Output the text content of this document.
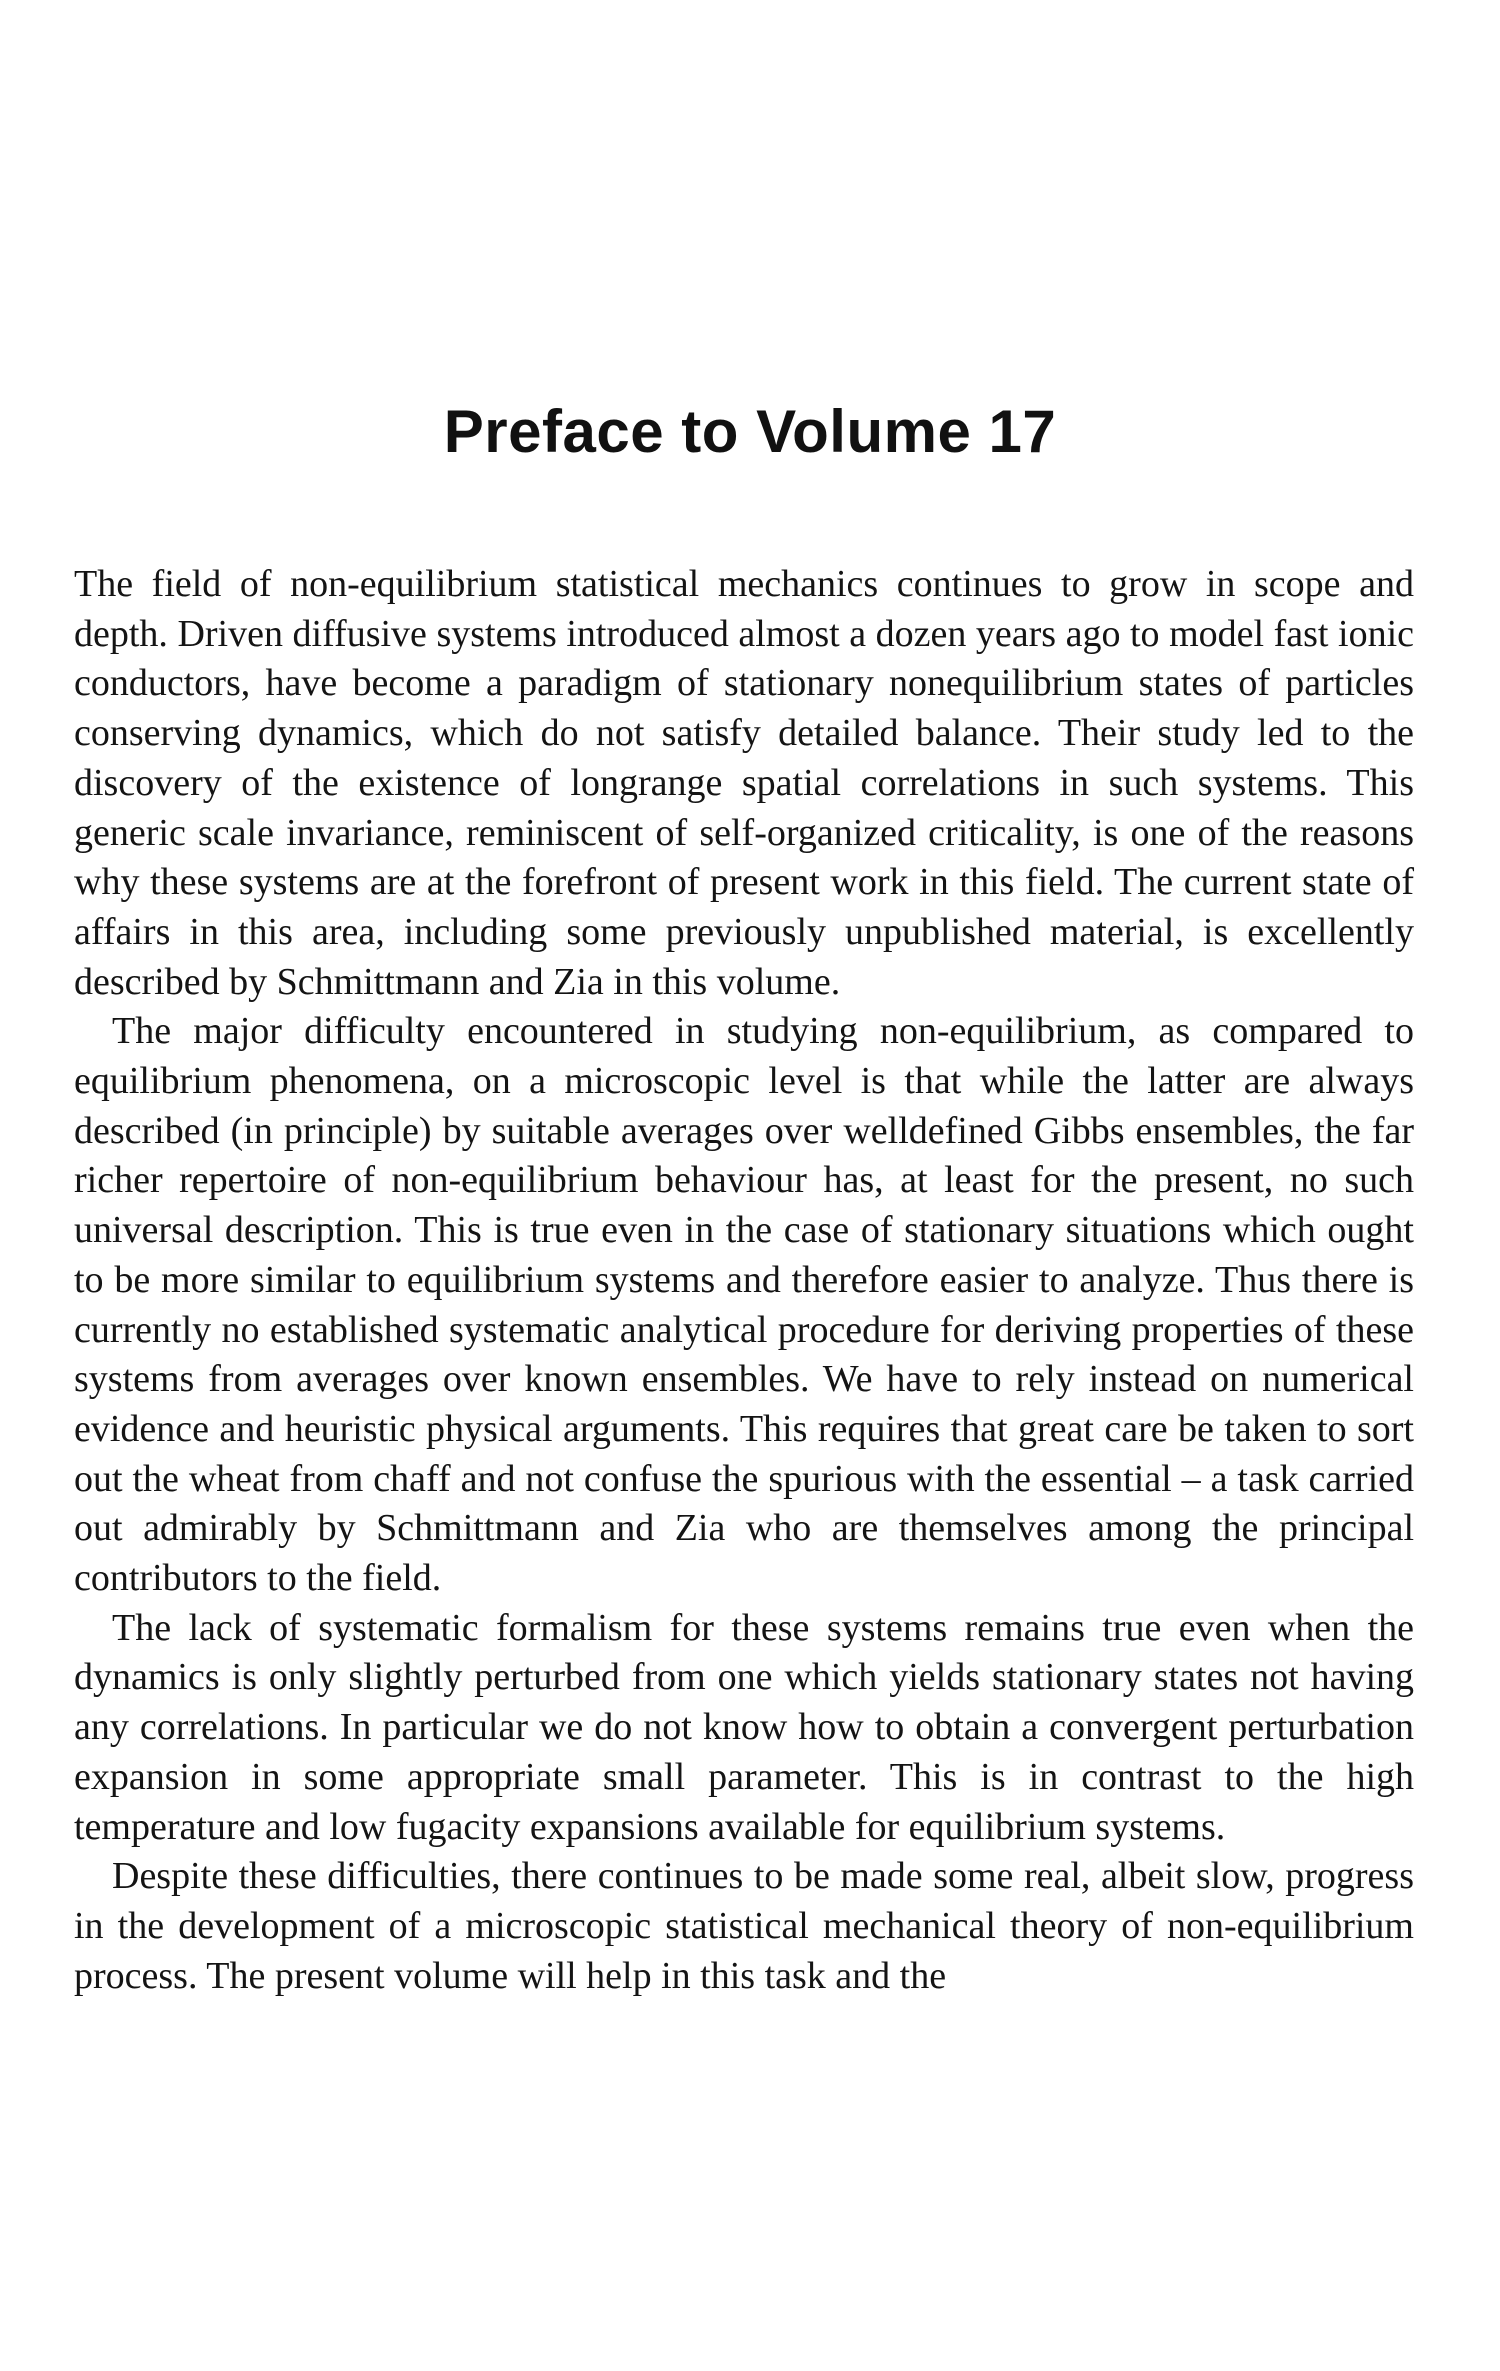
Preface to Volume 17

The field of non-equilibrium statistical mechanics continues to grow in scope and depth. Driven diffusive systems introduced almost a dozen years ago to model fast ionic conductors, have become a paradigm of stationary nonequilibrium states of particles conserving dynamics, which do not satisfy detailed balance. Their study led to the discovery of the existence of longrange spatial correlations in such systems. This generic scale invariance, reminiscent of self-organized criticality, is one of the reasons why these systems are at the forefront of present work in this field. The current state of affairs in this area, including some previously unpublished material, is excellently described by Schmittmann and Zia in this volume.

The major difficulty encountered in studying non-equilibrium, as compared to equilibrium phenomena, on a microscopic level is that while the latter are always described (in principle) by suitable averages over welldefined Gibbs ensembles, the far richer repertoire of non-equilibrium behaviour has, at least for the present, no such universal description. This is true even in the case of stationary situations which ought to be more similar to equilibrium systems and therefore easier to analyze. Thus there is currently no established systematic analytical procedure for deriving properties of these systems from averages over known ensembles. We have to rely instead on numerical evidence and heuristic physical arguments. This requires that great care be taken to sort out the wheat from chaff and not confuse the spurious with the essential – a task carried out admirably by Schmittmann and Zia who are themselves among the principal contributors to the field.

The lack of systematic formalism for these systems remains true even when the dynamics is only slightly perturbed from one which yields stationary states not having any correlations. In particular we do not know how to obtain a convergent perturbation expansion in some appropriate small parameter. This is in contrast to the high temperature and low fugacity expansions available for equilibrium systems.

Despite these difficulties, there continues to be made some real, albeit slow, progress in the development of a microscopic statistical mechanical theory of non-equilibrium process. The present volume will help in this task and the
